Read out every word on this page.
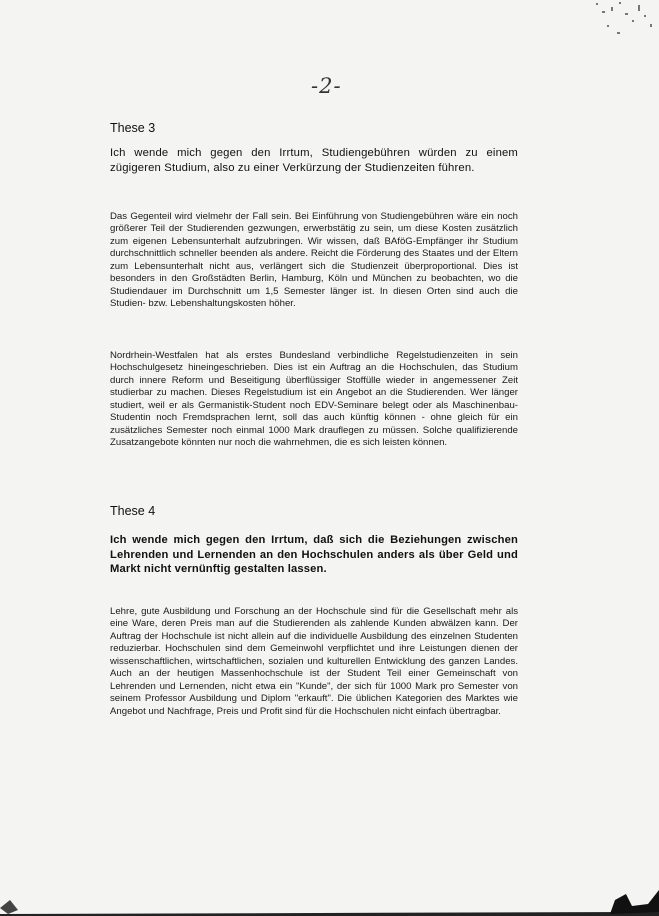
-2-
These 3

Ich wende mich gegen den Irrtum, Studiengebühren würden zu einem zügigeren Studium, also zu einer Verkürzung der Studienzeiten führen.

Das Gegenteil wird vielmehr der Fall sein. Bei Einführung von Studiengebühren wäre ein noch größerer Teil der Studierenden gezwungen, erwerbstätig zu sein, um diese Kosten zusätzlich zum eigenen Lebensunterhalt aufzubringen. Wir wissen, daß BAföG-Empfänger ihr Studium durchschnittlich schneller beenden als andere. Reicht die Förderung des Staates und der Eltern zum Lebensunterhalt nicht aus, verlängert sich die Studienzeit überproportional. Dies ist besonders in den Großstädten Berlin, Hamburg, Köln und München zu beobachten, wo die Studiendauer im Durchschnitt um 1,5 Semester länger ist. In diesen Orten sind auch die Studien- bzw. Lebenshaltungskosten höher.

Nordrhein-Westfalen hat als erstes Bundesland verbindliche Regelstudienzeiten in sein Hochschulgesetz hineingeschrieben. Dies ist ein Auftrag an die Hochschulen, das Studium durch innere Reform und Beseitigung überflüssiger Stoffülle wieder in angemessener Zeit studierbar zu machen. Dieses Regelstudium ist ein Angebot an die Studierenden. Wer länger studiert, weil er als Germanistik-Student noch EDV-Seminare belegt oder als Maschinenbau-Studentin noch Fremdsprachen lernt, soll das auch künftig können - ohne gleich für ein zusätzliches Semester noch einmal 1000 Mark drauflegen zu müssen. Solche qualifizierende Zusatzangebote könnten nur noch die wahrnehmen, die es sich leisten können.

These 4

Ich wende mich gegen den Irrtum, daß sich die Beziehungen zwischen Lehrenden und Lernenden an den Hochschulen anders als über Geld und Markt nicht vernünftig gestalten lassen.

Lehre, gute Ausbildung und Forschung an der Hochschule sind für die Gesellschaft mehr als eine Ware, deren Preis man auf die Studierenden als zahlende Kunden abwälzen kann. Der Auftrag der Hochschule ist nicht allein auf die individuelle Ausbildung des einzelnen Studenten reduzierbar. Hochschulen sind dem Gemeinwohl verpflichtet und ihre Leistungen dienen der wissenschaftlichen, wirtschaftlichen, sozialen und kulturellen Entwicklung des ganzen Landes. Auch an der heutigen Massenhochschule ist der Student Teil einer Gemeinschaft von Lehrenden und Lernenden, nicht etwa ein "Kunde", der sich für 1000 Mark pro Semester von seinem Professor Ausbildung und Diplom "erkauft". Die üblichen Kategorien des Marktes wie Angebot und Nachfrage, Preis und Profit sind für die Hochschulen nicht einfach übertragbar.
